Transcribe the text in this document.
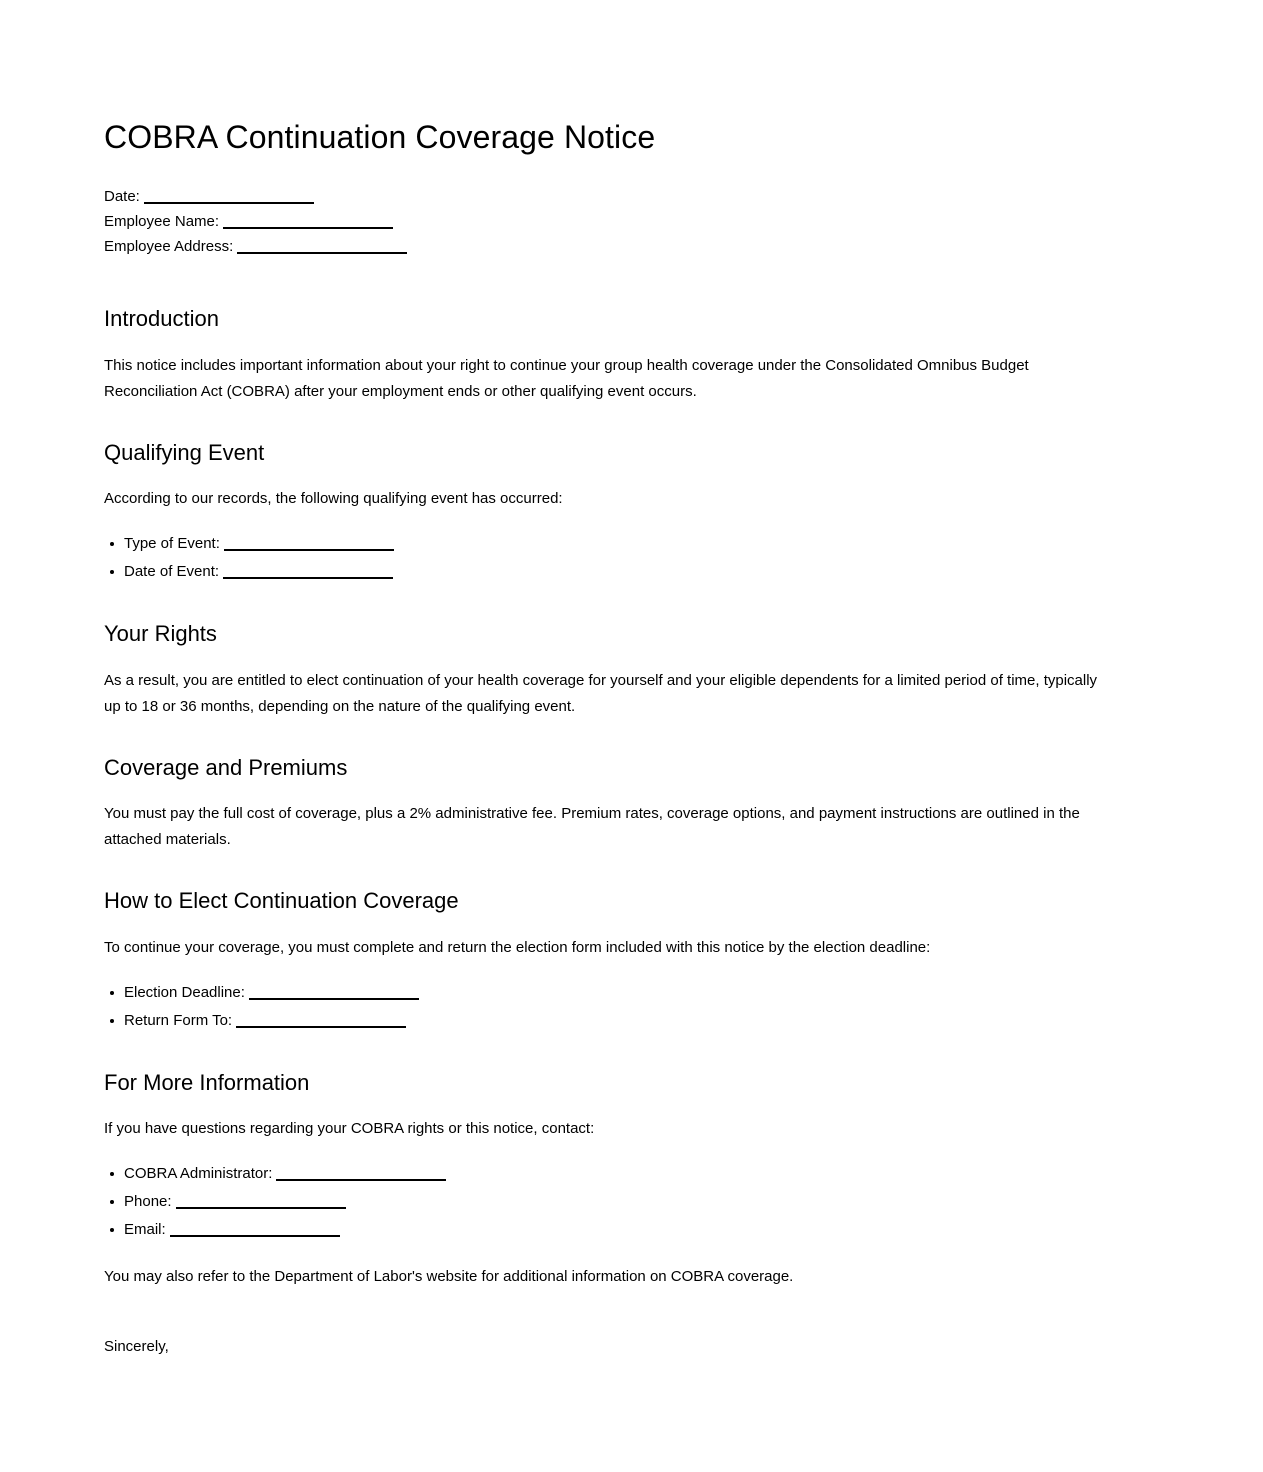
COBRA Continuation Coverage Notice
Date:
Employee Name:
Employee Address:
Introduction

This notice includes important information about your right to continue your group health coverage under the Consolidated Omnibus Budget Reconciliation Act (COBRA) after your employment ends or other qualifying event occurs.

Qualifying Event

According to our records, the following qualifying event has occurred:

Type of Event:
Date of Event:
Your Rights

As a result, you are entitled to elect continuation of your health coverage for yourself and your eligible dependents for a limited period of time, typically up to 18 or 36 months, depending on the nature of the qualifying event.

Coverage and Premiums

You must pay the full cost of coverage, plus a 2% administrative fee. Premium rates, coverage options, and payment instructions are outlined in the attached materials.

How to Elect Continuation Coverage

To continue your coverage, you must complete and return the election form included with this notice by the election deadline:

Election Deadline:
Return Form To:
For More Information

If you have questions regarding your COBRA rights or this notice, contact:

COBRA Administrator:
Phone:
Email:

You may also refer to the Department of Labor's website for additional information on COBRA coverage.

Sincerely,
